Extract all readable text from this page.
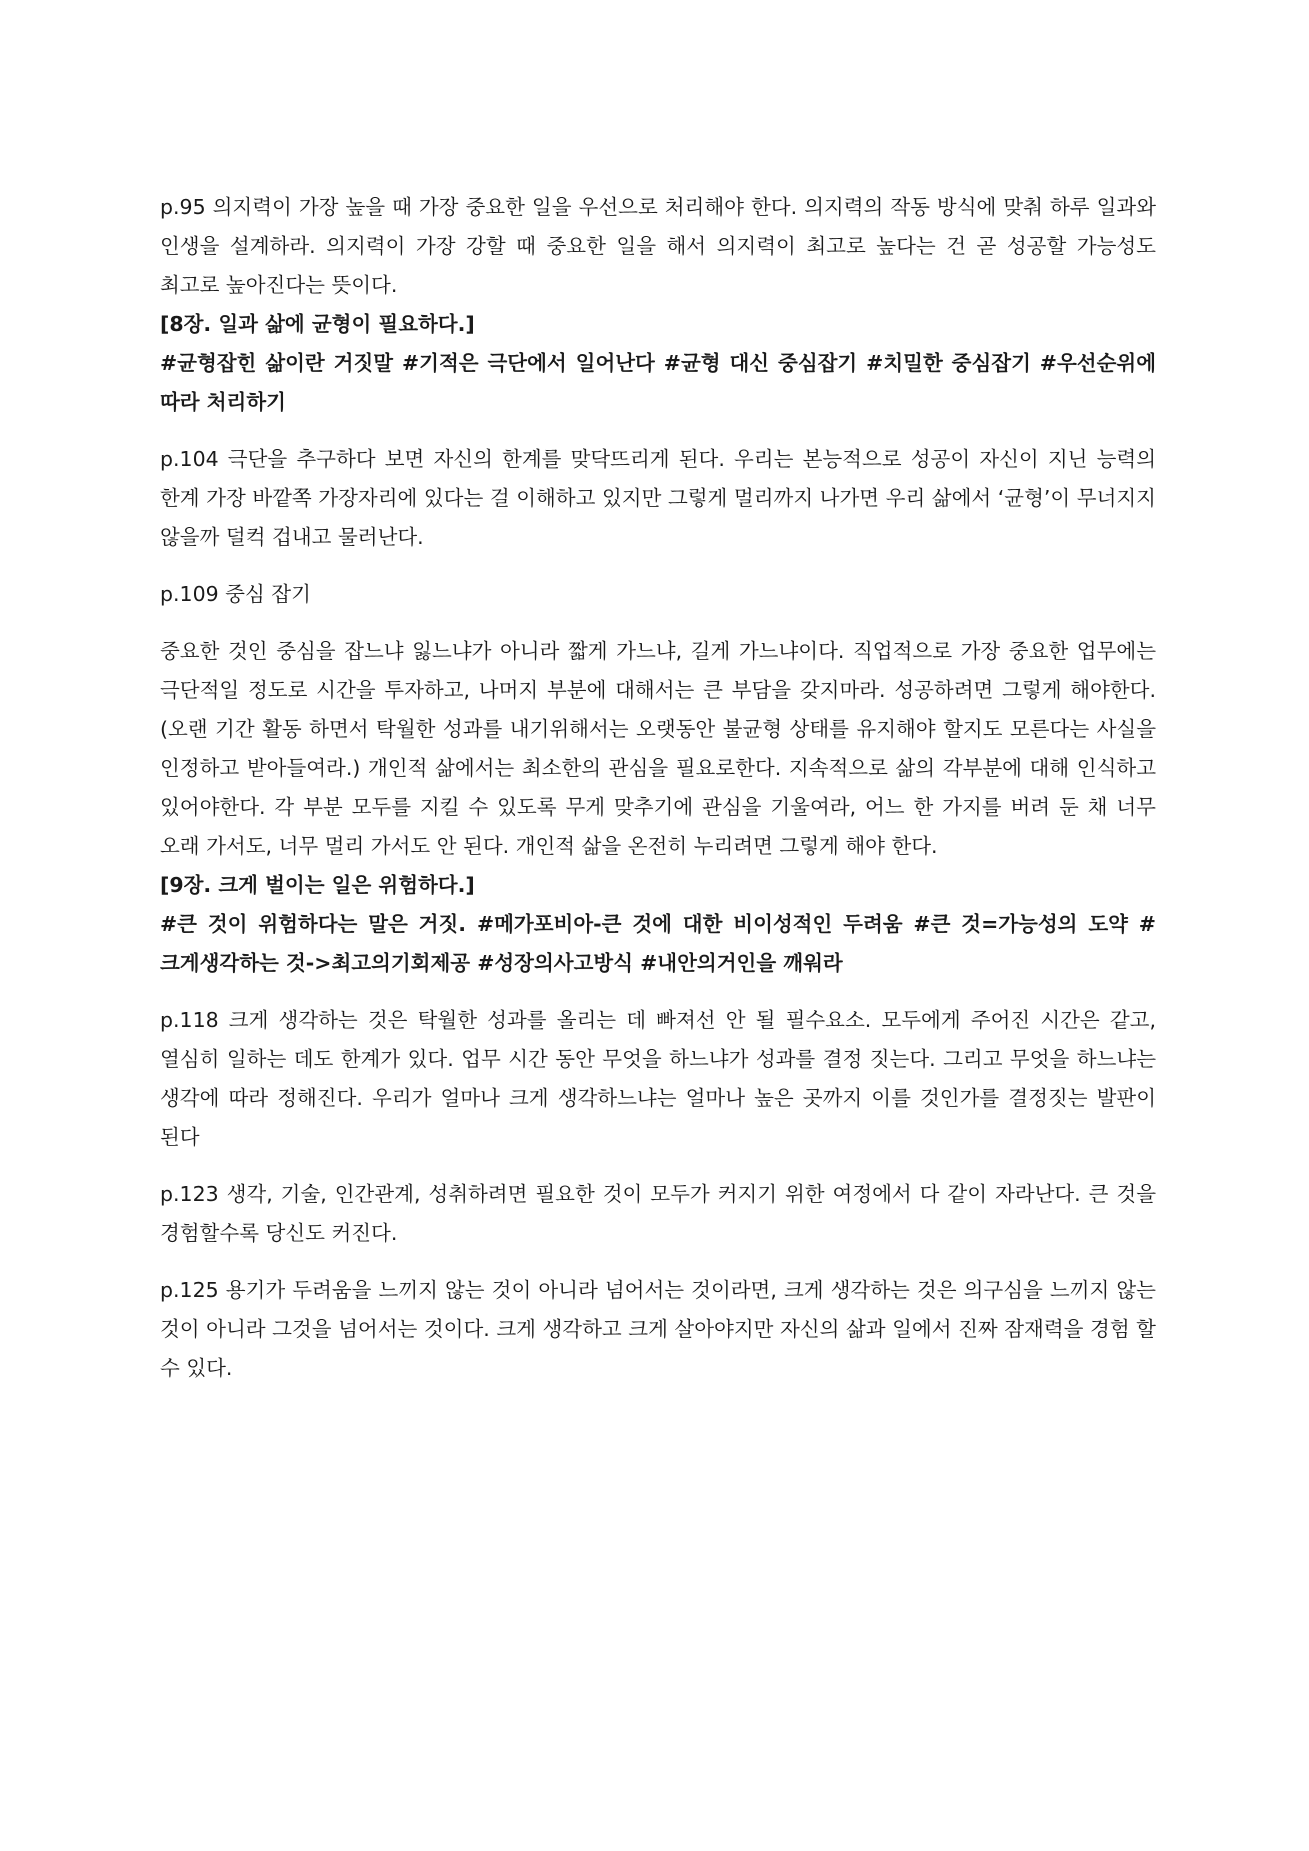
p.95 의지력이 가장 높을 때 가장 중요한 일을 우선으로 처리해야 한다. 의지력의 작동 방식에 맞춰 하루 일과와 인생을 설계하라. 의지력이 가장 강할 때 중요한 일을 해서 의지력이 최고로 높다는 건 곧 성공할 가능성도 최고로 높아진다는 뜻이다.

[8장. 일과 삶에 균형이 필요하다.]

#균형잡힌 삶이란 거짓말 #기적은 극단에서 일어난다 #균형 대신 중심잡기 #치밀한 중심잡기 #우선순위에 따라 처리하기

p.104 극단을 추구하다 보면 자신의 한계를 맞닥뜨리게 된다. 우리는 본능적으로 성공이 자신이 지닌 능력의 한계 가장 바깥쪽 가장자리에 있다는 걸 이해하고 있지만 그렇게 멀리까지 나가면 우리 삶에서 ‘균형’이 무너지지 않을까 덜컥 겁내고 물러난다.

p.109 중심 잡기

중요한 것인 중심을 잡느냐 잃느냐가 아니라 짧게 가느냐, 길게 가느냐이다. 직업적으로 가장 중요한 업무에는 극단적일 정도로 시간을 투자하고, 나머지 부분에 대해서는 큰 부담을 갖지마라. 성공하려면 그렇게 해야한다. (오랜 기간 활동 하면서 탁월한 성과를 내기위해서는 오랫동안 불균형 상태를 유지해야 할지도 모른다는 사실을 인정하고 받아들여라.) 개인적 삶에서는 최소한의 관심을 필요로한다. 지속적으로 삶의 각부분에 대해 인식하고 있어야한다. 각 부분 모두를 지킬 수 있도록 무게 맞추기에 관심을 기울여라, 어느 한 가지를 버려 둔 채 너무 오래 가서도, 너무 멀리 가서도 안 된다. 개인적 삶을 온전히 누리려면 그렇게 해야 한다.

[9장. 크게 벌이는 일은 위험하다.]

#큰 것이 위험하다는 말은 거짓. #메가포비아-큰 것에 대한 비이성적인 두려움 #큰 것=가능성의 도약 #크게생각하는 것->최고의기회제공 #성장의사고방식 #내안의거인을 깨워라

p.118 크게 생각하는 것은 탁월한 성과를 올리는 데 빠져선 안 될 필수요소. 모두에게 주어진 시간은 같고, 열심히 일하는 데도 한계가 있다. 업무 시간 동안 무엇을 하느냐가 성과를 결정 짓는다. 그리고 무엇을 하느냐는 생각에 따라 정해진다. 우리가 얼마나 크게 생각하느냐는 얼마나 높은 곳까지 이를 것인가를 결정짓는 발판이 된다

p.123 생각, 기술, 인간관계, 성취하려면 필요한 것이 모두가 커지기 위한 여정에서 다 같이 자라난다. 큰 것을 경험할수록 당신도 커진다.

p.125 용기가 두려움을 느끼지 않는 것이 아니라 넘어서는 것이라면, 크게 생각하는 것은 의구심을 느끼지 않는 것이 아니라 그것을 넘어서는 것이다. 크게 생각하고 크게 살아야지만 자신의 삶과 일에서 진짜 잠재력을 경험 할 수 있다.
